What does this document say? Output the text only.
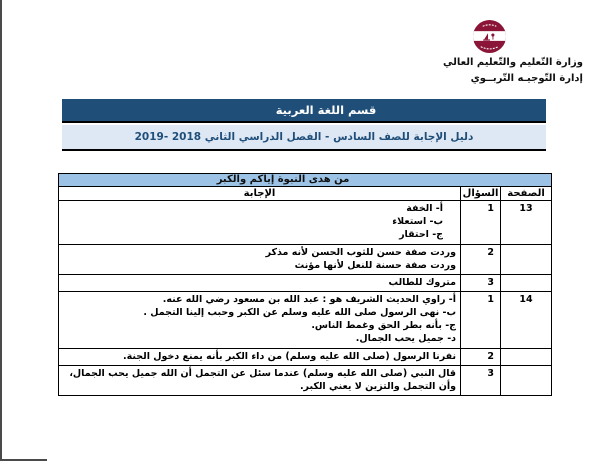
وزارة التّعليم والتّعليم العالي
إدارة التّوجيـه التّربــوي
قسم اللغة العربية
دليل الإجابة للصف السادس - الفصل الدراسي الثاني 2018 -2019
من هدى النبوة إياكم والكبر		
الصفحة	السؤال	الإجابة
13	1	أ- الخفة
ب- استعلاء
ج- احتقار

	2	وردت صفة حسن للثوب الحسن لأنه مذكر
وردت صفة حسنة للنعل لأنها مؤنث

	3	متروك للطالب

14	1	أ- راوي الحديث الشريف هو : عبد الله بن مسعود رضي الله عنه.
ب- نهى الرسول صلى الله عليه وسلم عن الكبر وحبب إلينا التجمل .
ج- بأنه بطر الحق وغمط الناس.
د- جميل يحب الجمال.

	2	نفرنا الرسول (صلى الله عليه وسلم) من داء الكبر بأنه يمنع دخول الجنة.

	3	قال النبي (صلى الله عليه وسلم) عندما سئل عن التجمل أن الله جميل يحب الجمال، وأن التجمل والتزين لا يعني الكبر.
